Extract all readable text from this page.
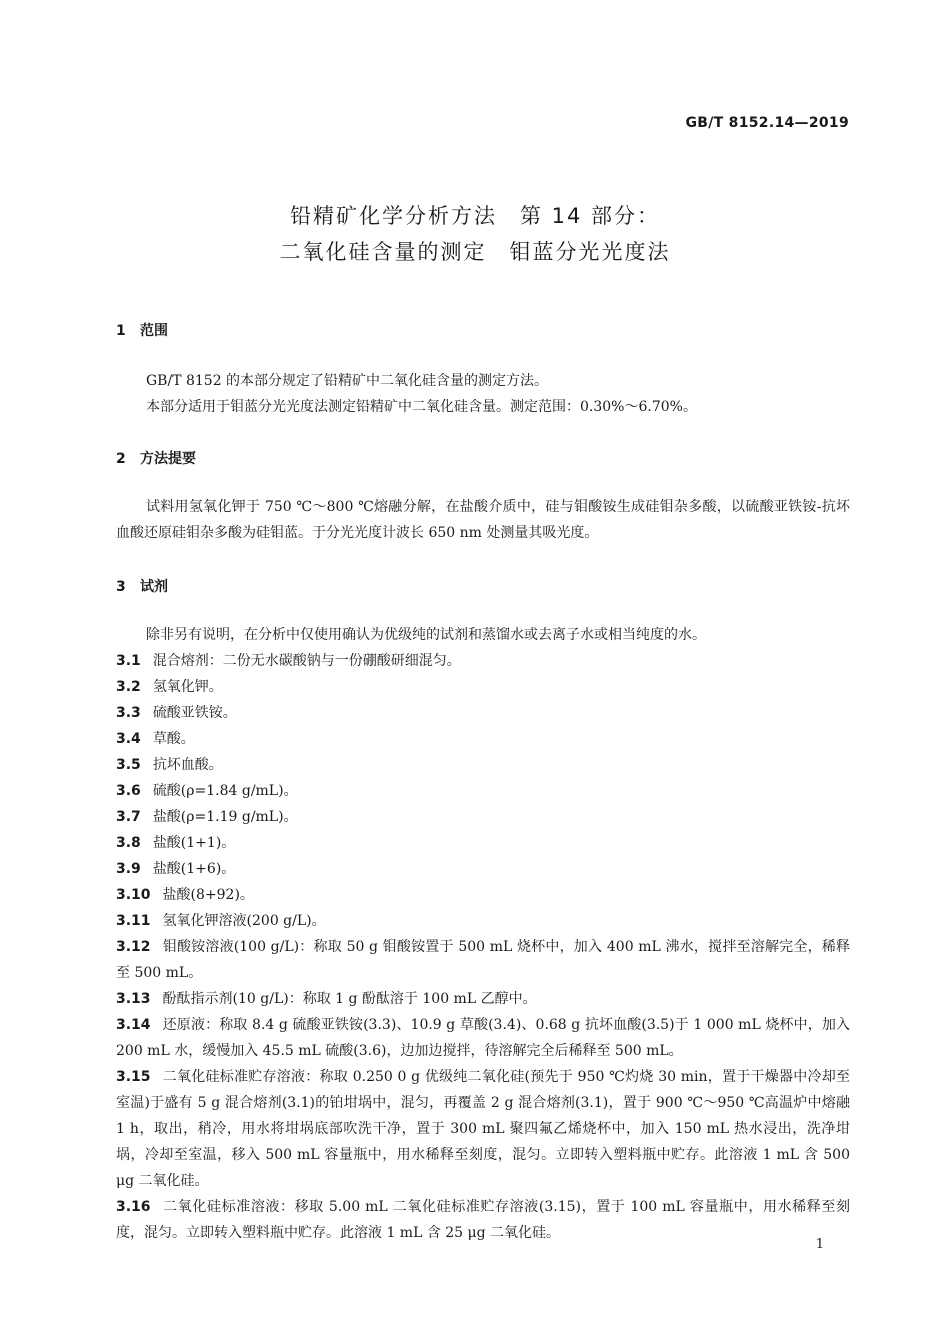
GB/T 8152.14—2019
铅精矿化学分析方法　第 14 部分：
二氧化硅含量的测定　钼蓝分光光度法
1 范围
GB/T 8152 的本部分规定了铅精矿中二氧化硅含量的测定方法。
本部分适用于钼蓝分光光度法测定铅精矿中二氧化硅含量。测定范围：0.30%～6.70%。
2 方法提要
试料用氢氧化钾于 750 ℃～800 ℃熔融分解，在盐酸介质中，硅与钼酸铵生成硅钼杂多酸，以硫酸亚铁铵-抗坏血酸还原硅钼杂多酸为硅钼蓝。于分光光度计波长 650 nm 处测量其吸光度。
3 试剂
除非另有说明，在分析中仅使用确认为优级纯的试剂和蒸馏水或去离子水或相当纯度的水。
3.1 混合熔剂：二份无水碳酸钠与一份硼酸研细混匀。
3.2 氢氧化钾。
3.3 硫酸亚铁铵。
3.4 草酸。
3.5 抗坏血酸。
3.6 硫酸(ρ=1.84 g/mL)。
3.7 盐酸(ρ=1.19 g/mL)。
3.8 盐酸(1+1)。
3.9 盐酸(1+6)。
3.10 盐酸(8+92)。
3.11 氢氧化钾溶液(200 g/L)。
3.12 钼酸铵溶液(100 g/L)：称取 50 g 钼酸铵置于 500 mL 烧杯中，加入 400 mL 沸水，搅拌至溶解完全，稀释至 500 mL。
3.13 酚酞指示剂(10 g/L)：称取 1 g 酚酞溶于 100 mL 乙醇中。
3.14 还原液：称取 8.4 g 硫酸亚铁铵(3.3)、10.9 g 草酸(3.4)、0.68 g 抗坏血酸(3.5)于 1 000 mL 烧杯中，加入 200 mL 水，缓慢加入 45.5 mL 硫酸(3.6)，边加边搅拌，待溶解完全后稀释至 500 mL。
3.15 二氧化硅标准贮存溶液：称取 0.250 0 g 优级纯二氧化硅(预先于 950 ℃灼烧 30 min，置于干燥器中冷却至室温)于盛有 5 g 混合熔剂(3.1)的铂坩埚中，混匀，再覆盖 2 g 混合熔剂(3.1)，置于 900 ℃～950 ℃高温炉中熔融 1 h，取出，稍冷，用水将坩埚底部吹洗干净，置于 300 mL 聚四氟乙烯烧杯中，加入 150 mL 热水浸出，洗净坩埚，冷却至室温，移入 500 mL 容量瓶中，用水稀释至刻度，混匀。立即转入塑料瓶中贮存。此溶液 1 mL 含 500 μg 二氧化硅。
3.16 二氧化硅标准溶液：移取 5.00 mL 二氧化硅标准贮存溶液(3.15)，置于 100 mL 容量瓶中，用水稀释至刻度，混匀。立即转入塑料瓶中贮存。此溶液 1 mL 含 25 μg 二氧化硅。
1
